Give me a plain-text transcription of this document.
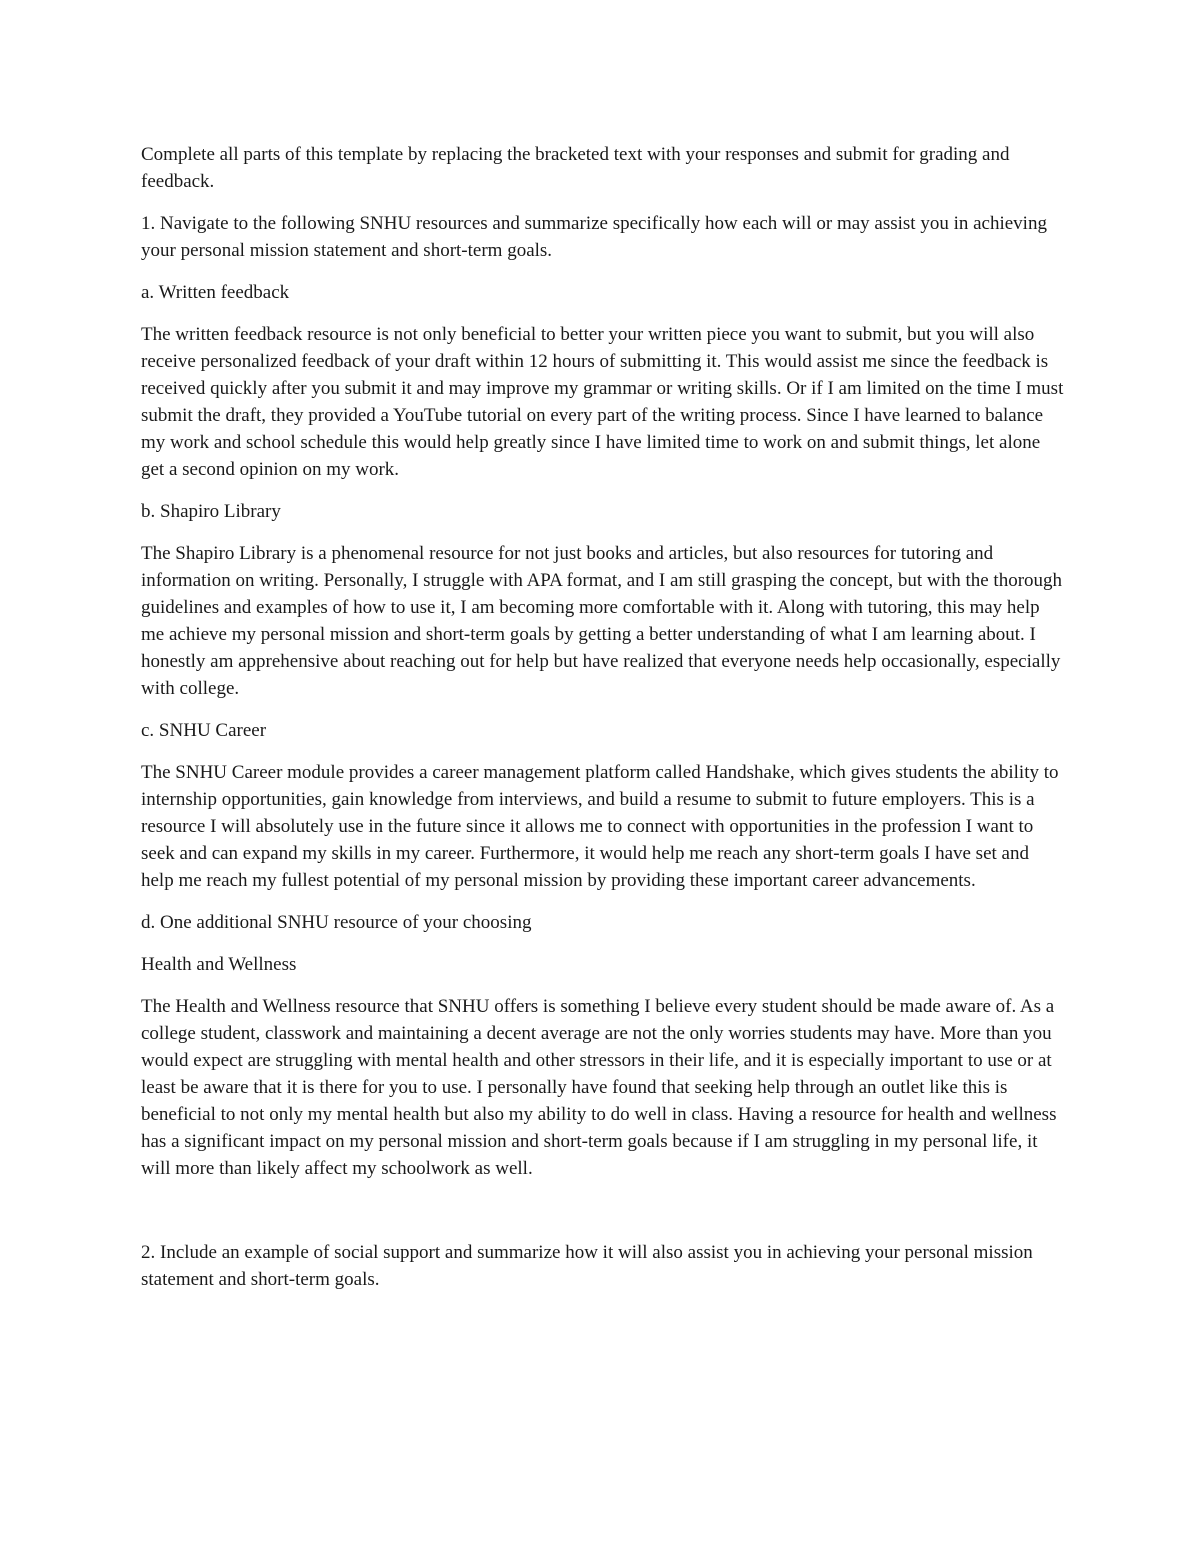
Complete all parts of this template by replacing the bracketed text with your responses and submit for grading and feedback.

1. Navigate to the following SNHU resources and summarize specifically how each will or may assist you in achieving your personal mission statement and short-term goals.

a. Written feedback

The written feedback resource is not only beneficial to better your written piece you want to submit, but you will also receive personalized feedback of your draft within 12 hours of submitting it. This would assist me since the feedback is received quickly after you submit it and may improve my grammar or writing skills. Or if I am limited on the time I must submit the draft, they provided a YouTube tutorial on every part of the writing process. Since I have learned to balance my work and school schedule this would help greatly since I have limited time to work on and submit things, let alone get a second opinion on my work.

b. Shapiro Library

The Shapiro Library is a phenomenal resource for not just books and articles, but also resources for tutoring and information on writing. Personally, I struggle with APA format, and I am still grasping the concept, but with the thorough guidelines and examples of how to use it, I am becoming more comfortable with it. Along with tutoring, this may help me achieve my personal mission and short-term goals by getting a better understanding of what I am learning about. I honestly am apprehensive about reaching out for help but have realized that everyone needs help occasionally, especially with college.

c. SNHU Career

The SNHU Career module provides a career management platform called Handshake, which gives students the ability to internship opportunities, gain knowledge from interviews, and build a resume to submit to future employers. This is a resource I will absolutely use in the future since it allows me to connect with opportunities in the profession I want to seek and can expand my skills in my career. Furthermore, it would help me reach any short-term goals I have set and help me reach my fullest potential of my personal mission by providing these important career advancements.

d. One additional SNHU resource of your choosing

Health and Wellness

The Health and Wellness resource that SNHU offers is something I believe every student should be made aware of. As a college student, classwork and maintaining a decent average are not the only worries students may have. More than you would expect are struggling with mental health and other stressors in their life, and it is especially important to use or at least be aware that it is there for you to use. I personally have found that seeking help through an outlet like this is beneficial to not only my mental health but also my ability to do well in class. Having a resource for health and wellness has a significant impact on my personal mission and short-term goals because if I am struggling in my personal life, it will more than likely affect my schoolwork as well.

2. Include an example of social support and summarize how it will also assist you in achieving your personal mission statement and short-term goals.
